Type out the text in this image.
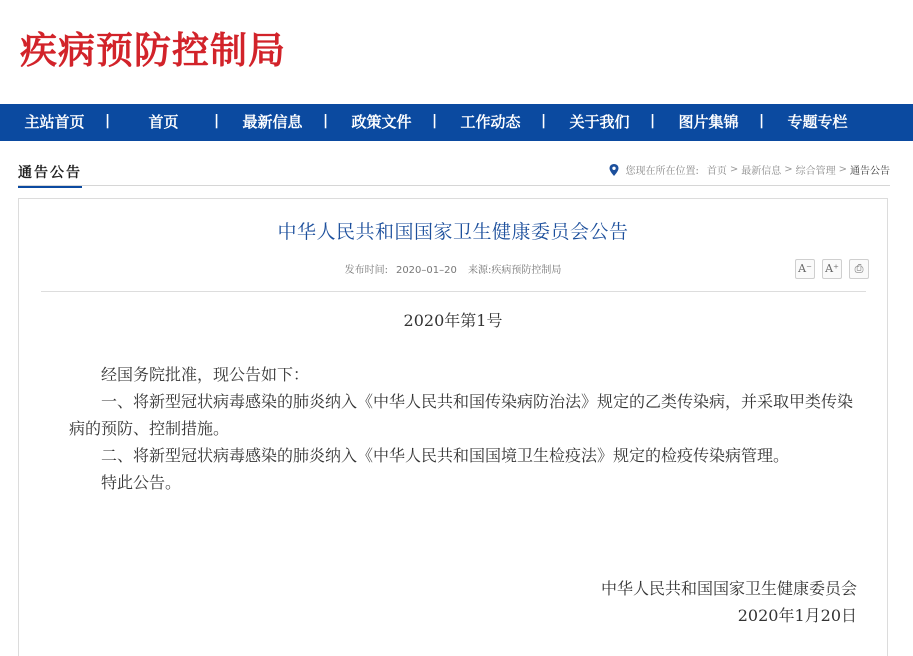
疾病预防控制局
主站首页	|	首页	|	最新信息	|	政策文件	|	工作动态	|	关于我们	|	图片集锦	|	专题专栏
通告公告	您现在所在位置: 首页 > 最新信息 > 综合管理 > 通告公告
中华人民共和国国家卫生健康委员会公告
发布时间: 2020–01–20 来源:疾病预防控制局	A⁻ A⁺	⎙
2020年第1号

经国务院批准，现公告如下：

一、将新型冠状病毒感染的肺炎纳入《中华人民共和国传染病防治法》规定的乙类传染病，并采取甲类传染病的预防、控制措施。

二、将新型冠状病毒感染的肺炎纳入《中华人民共和国国境卫生检疫法》规定的检疫传染病管理。

特此公告。

中华人民共和国国家卫生健康委员会
2020年1月20日
